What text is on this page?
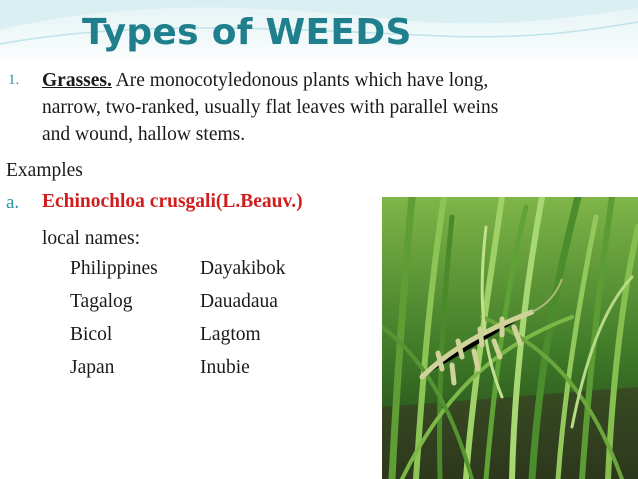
Types of WEEDS
1. Grasses. Are monocotyledonous plants which have long,
narrow, two-ranked, usually flat leaves with parallel weins
and wound, hallow stems.
Examples
a. Echinochloa crusgali(L.Beauv.)
local names:
Philippines	Dayakibok
Tagalog	Dauadaua
Bicol	Lagtom
Japan	Inubie
